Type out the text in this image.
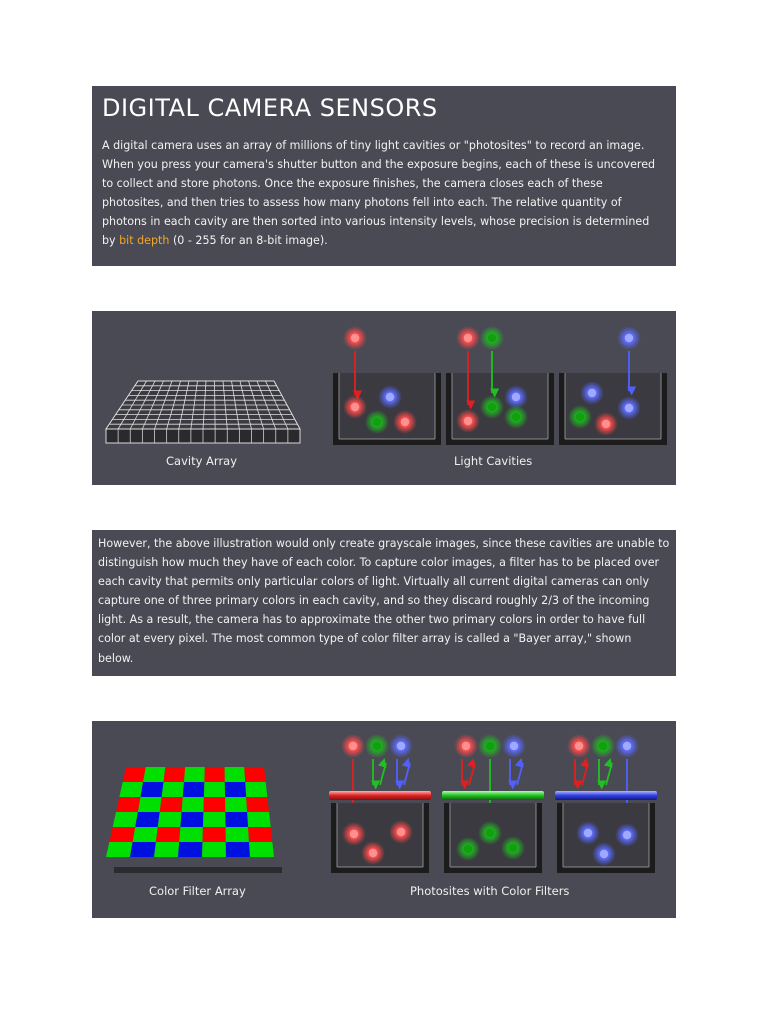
DIGITAL CAMERA SENSORS

A digital camera uses an array of millions of tiny light cavities or "photosites" to record an image. When you press your camera's shutter button and the exposure begins, each of these is uncovered to collect and store photons. Once the exposure finishes, the camera closes each of these photosites, and then tries to assess how many photons fell into each. The relative quantity of photons in each cavity are then sorted into various intensity levels, whose precision is determined by bit depth (0 - 255 for an 8-bit image).

Cavity Array	Light Cavities

However, the above illustration would only create grayscale images, since these cavities are unable to distinguish how much they have of each color. To capture color images, a filter has to be placed over each cavity that permits only particular colors of light. Virtually all current digital cameras can only capture one of three primary colors in each cavity, and so they discard roughly 2/3 of the incoming light. As a result, the camera has to approximate the other two primary colors in order to have full color at every pixel. The most common type of color filter array is called a "Bayer array," shown below.

Color Filter Array	Photosites with Color Filters
